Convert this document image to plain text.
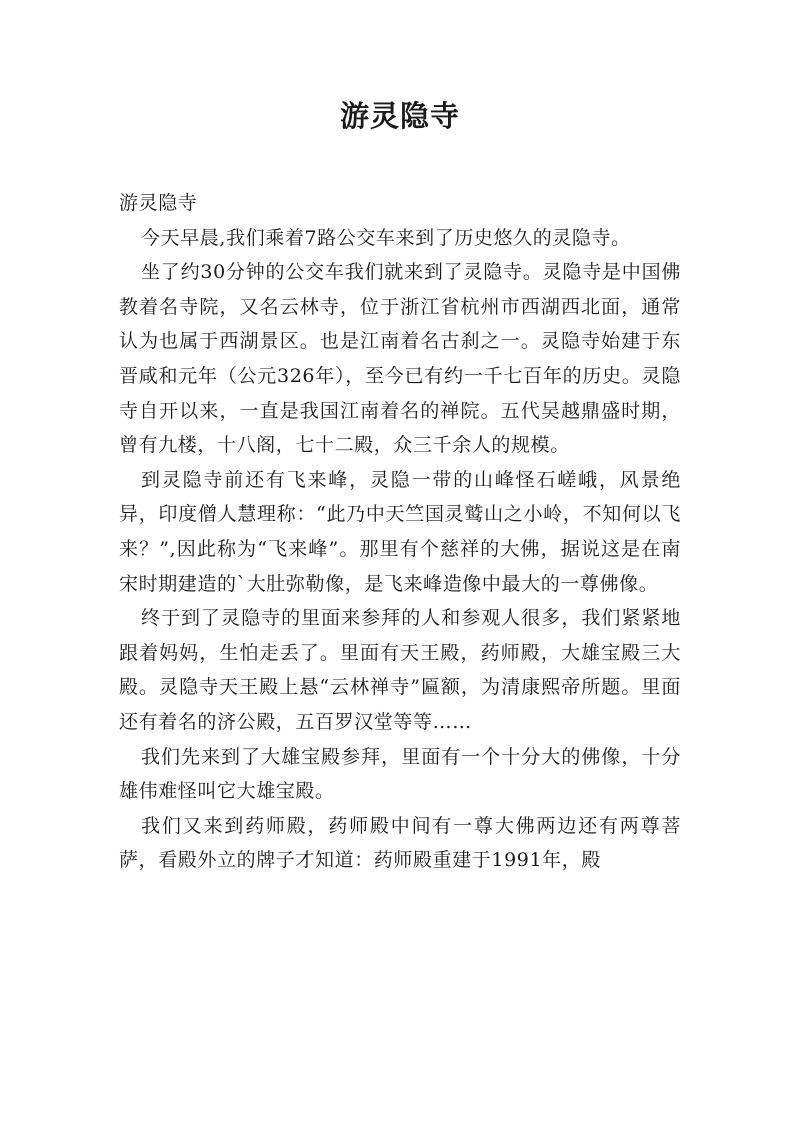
游灵隐寺

游灵隐寺

今天早晨,我们乘着7路公交车来到了历史悠久的灵隐寺。

坐了约30分钟的公交车我们就来到了灵隐寺。灵隐寺是中国佛教着名寺院，又名云林寺，位于浙江省杭州市西湖西北面，通常认为也属于西湖景区。也是江南着名古刹之一。灵隐寺始建于东晋咸和元年（公元326年），至今已有约一千七百年的历史。灵隐寺自开以来，一直是我国江南着名的禅院。五代吴越鼎盛时期，曾有九楼，十八阁，七十二殿，众三千余人的规模。

到灵隐寺前还有飞来峰，灵隐一带的山峰怪石嵯峨，风景绝异，印度僧人慧理称：“此乃中天竺国灵鹫山之小岭，不知何以飞来？”,因此称为“飞来峰”。那里有个慈祥的大佛，据说这是在南宋时期建造的`大肚弥勒像，是飞来峰造像中最大的一尊佛像。

终于到了灵隐寺的里面来参拜的人和参观人很多，我们紧紧地跟着妈妈，生怕走丢了。里面有天王殿，药师殿，大雄宝殿三大殿。灵隐寺天王殿上悬“云林禅寺”匾额，为清康熙帝所题。里面还有着名的济公殿，五百罗汉堂等等……

我们先来到了大雄宝殿参拜，里面有一个十分大的佛像，十分雄伟难怪叫它大雄宝殿。

我们又来到药师殿，药师殿中间有一尊大佛两边还有两尊菩萨，看殿外立的牌子才知道：药师殿重建于1991年，殿
